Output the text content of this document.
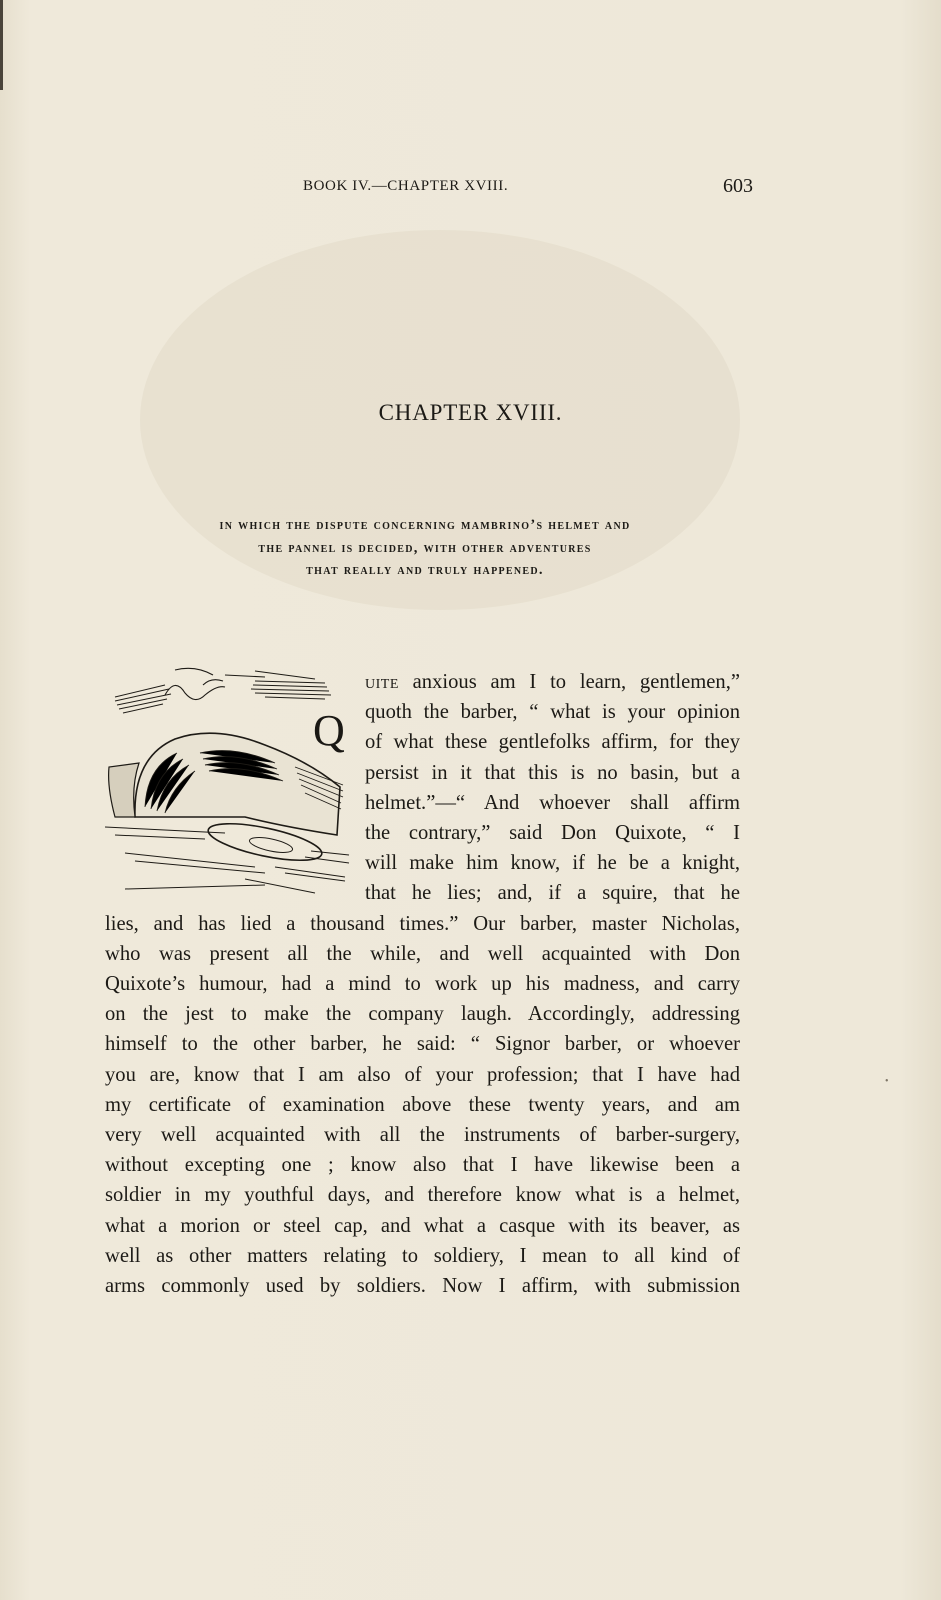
•
BOOK IV.—CHAPTER XVIII.	603
CHAPTER XVIII.
in which the dispute concerning mambrino’s helmet and
the pannel is decided, with other adventures
that really and truly happened.
Q
uite anxious am I to learn, gentlemen,”
quoth the barber, “ what is your opinion
of what these gentlefolks affirm, for they
persist in it that this is no basin, but a
helmet.”—“ And whoever shall affirm
the contrary,” said Don Quixote, “ I
will make him know, if he be a knight,
that he lies; and, if a squire, that he
lies, and has lied a thousand times.” Our barber, master Nicholas,
who was present all the while, and well acquainted with Don
Quixote’s humour, had a mind to work up his madness, and carry
on the jest to make the company laugh. Accordingly, addressing
himself to the other barber, he said: “ Signor barber, or whoever
you are, know that I am also of your profession; that I have had
my certificate of examination above these twenty years, and am
very well acquainted with all the instruments of barber-surgery,
without excepting one ; know also that I have likewise been a
soldier in my youthful days, and therefore know what is a helmet,
what a morion or steel cap, and what a casque with its beaver, as
well as other matters relating to soldiery, I mean to all kind of
arms commonly used by soldiers. Now I affirm, with submission
